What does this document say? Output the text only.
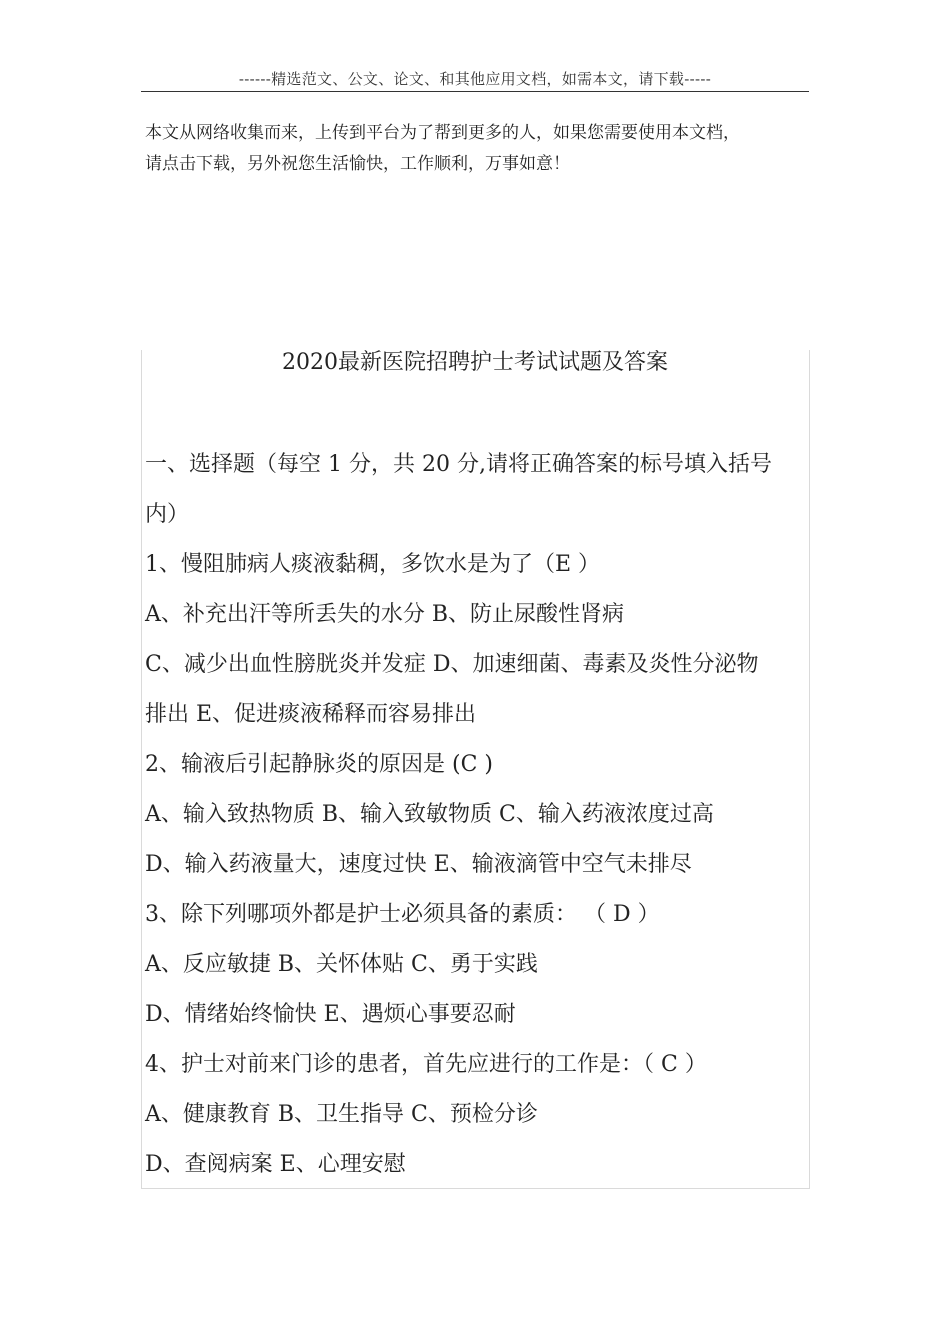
------精选范文、公文、论文、和其他应用文档，如需本文，请下载-----
本文从网络收集而来，上传到平台为了帮到更多的人，如果您需要使用本文档，
请点击下载，另外祝您生活愉快，工作顺利，万事如意！
2020最新医院招聘护士考试试题及答案

一、选择题（每空 1 分，共 20 分,请将正确答案的标号填入括号

内）

1、慢阻肺病人痰液黏稠，多饮水是为了（E ）

A、补充出汗等所丢失的水分 B、防止尿酸性肾病

C、减少出血性膀胱炎并发症 D、加速细菌、毒素及炎性分泌物

排出 E、促进痰液稀释而容易排出

2、输液后引起静脉炎的原因是 (C )

A、输入致热物质 B、输入致敏物质 C、输入药液浓度过高

D、输入药液量大，速度过快 E、输液滴管中空气未排尽

3、除下列哪项外都是护士必须具备的素质： （ D ）

A、反应敏捷 B、关怀体贴 C、勇于实践

D、情绪始终愉快 E、遇烦心事要忍耐

4、护士对前来门诊的患者，首先应进行的工作是：（ C ）

A、健康教育 B、卫生指导 C、预检分诊

D、查阅病案 E、心理安慰
